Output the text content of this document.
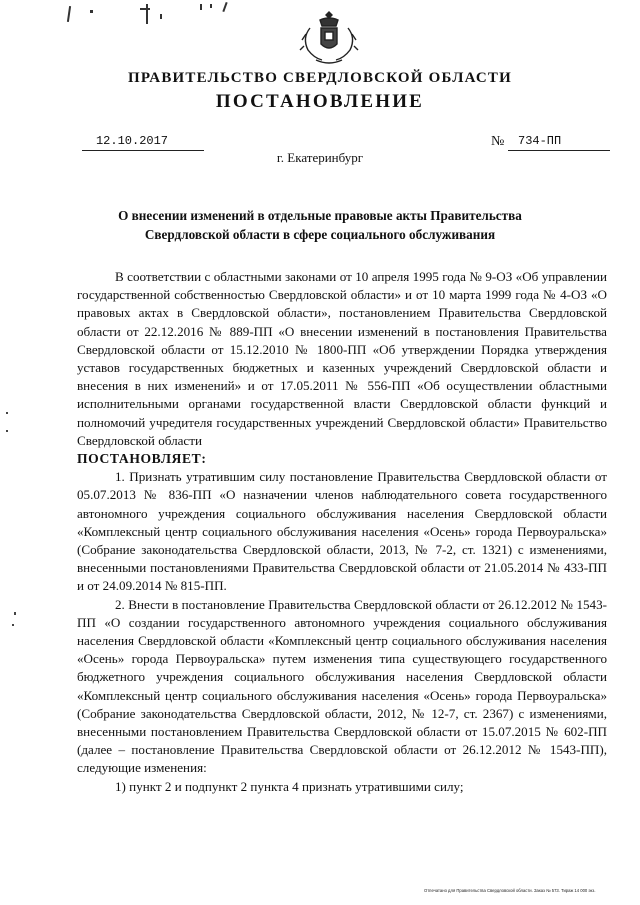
ПРАВИТЕЛЬСТВО СВЕРДЛОВСКОЙ ОБЛАСТИ
ПОСТАНОВЛЕНИЕ
12.10.2017	№ 734-ПП
г. Екатеринбург
О внесении изменений в отдельные правовые акты Правительства Свердловской области в сфере социального обслуживания

В соответствии с областными законами от 10 апреля 1995 года № 9-ОЗ «Об управлении государственной собственностью Свердловской области» и от 10 марта 1999 года № 4-ОЗ «О правовых актах в Свердловской области», постановлением Правительства Свердловской области от 22.12.2016 № 889-ПП «О внесении изменений в постановления Правительства Свердловской области от 15.12.2010 № 1800-ПП «Об утверждении Порядка утверждения уставов государственных бюджетных и казенных учреждений Свердловской области и внесения в них изменений» и от 17.05.2011 № 556-ПП «Об осуществлении областными исполнительными органами государственной власти Свердловской области функций и полномочий учредителя государственных учреждений Свердловской области» Правительство Свердловской области

ПОСТАНОВЛЯЕТ:

1. Признать утратившим силу постановление Правительства Свердловской области от 05.07.2013 № 836-ПП «О назначении членов наблюдательного совета государственного автономного учреждения социального обслуживания населения Свердловской области «Комплексный центр социального обслуживания населения «Осень» города Первоуральска» (Собрание законодательства Свердловской области, 2013, № 7-2, ст. 1321) с изменениями, внесенными постановлениями Правительства Свердловской области от 21.05.2014 № 433-ПП и от 24.09.2014 № 815-ПП.

2. Внести в постановление Правительства Свердловской области от 26.12.2012 № 1543-ПП «О создании государственного автономного учреждения социального обслуживания населения Свердловской области «Комплексный центр социального обслуживания населения «Осень» города Первоуральска» путем изменения типа существующего государственного бюджетного учреждения социального обслуживания населения Свердловской области «Комплексный центр социального обслуживания населения «Осень» города Первоуральска» (Собрание законодательства Свердловской области, 2012, № 12-7, ст. 2367) с изменениями, внесенными постановлением Правительства Свердловской области от 15.07.2015 № 602-ПП (далее – постановление Правительства Свердловской области от 26.12.2012 № 1543-ПП), следующие изменения:

1) пункт 2 и подпункт 2 пункта 4 признать утратившими силу;

Отпечатано для Правительства Свердловской области. Заказ № 573. Тираж 14 000 экз.
